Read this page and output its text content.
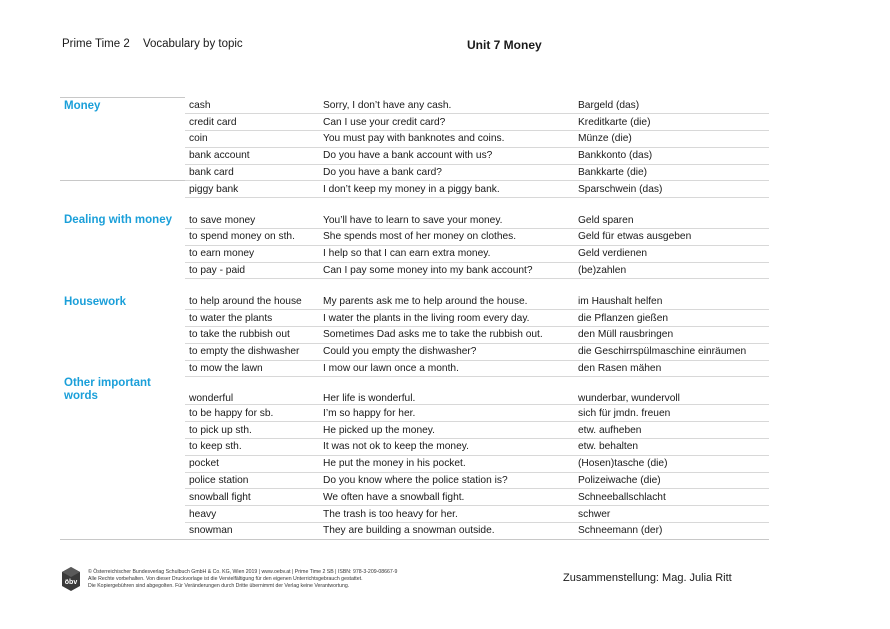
Prime Time 2 Vocabulary by topic	Unit 7 Money
Money	cash	Sorry, I don’t have any cash.	Bargeld (das)
	credit card	Can I use your credit card?	Kreditkarte (die)
	coin	You must pay with banknotes and coins.	Münze (die)
	bank account	Do you have a bank account with us?	Bankkonto (das)
	bank card	Do you have a bank card?	Bankkarte (die)
	piggy bank	I don’t keep my money in a piggy bank.	Sparschwein (das)

Dealing with money	to save money	You’ll have to learn to save your money.	Geld sparen
	to spend money on sth.	She spends most of her money on clothes.	Geld für etwas ausgeben
	to earn money	I help so that I can earn extra money.	Geld verdienen
	to pay - paid	Can I pay some money into my bank account?	(be)zahlen

Housework	to help around the house	My parents ask me to help around the house.	im Haushalt helfen
	to water the plants	I water the plants in the living room every day.	die Pflanzen gießen
	to take the rubbish out	Sometimes Dad asks me to take the rubbish out.	den Müll rausbringen
	to empty the dishwasher	Could you empty the dishwasher?	die Geschirrspülmaschine einräumen
	to mow the lawn	I mow our lawn once a month.	den Rasen mähen
Other important words	wonderful	Her life is wonderful.	wunderbar, wundervoll
	to be happy for sb.	I’m so happy for her.	sich für jmdn. freuen
	to pick up sth.	He picked up the money.	etw. aufheben
	to keep sth.	It was not ok to keep the money.	etw. behalten
	pocket	He put the money in his pocket.	(Hosen)tasche (die)
	police station	Do you know where the police station is?	Polizeiwache (die)
	snowball fight	We often have a snowball fight.	Schneeballschlacht
	heavy	The trash is too heavy for her.	schwer
	snowman	They are building a snowman outside.	Schneemann (der)
öbv
© Österreichischer Bundesverlag Schulbuch GmbH & Co. KG, Wien 2019 | www.oebv.at | Prime Time 2 SB | ISBN: 978-3-209-08667-9
Alle Rechte vorbehalten. Von dieser Druckvorlage ist die Vervielfältigung für den eigenen Unterrichtsgebrauch gestattet.
Die Kopiergebühren sind abgegolten. Für Veränderungen durch Dritte übernimmt der Verlag keine Verantwortung.
Zusammenstellung: Mag. Julia Ritt
